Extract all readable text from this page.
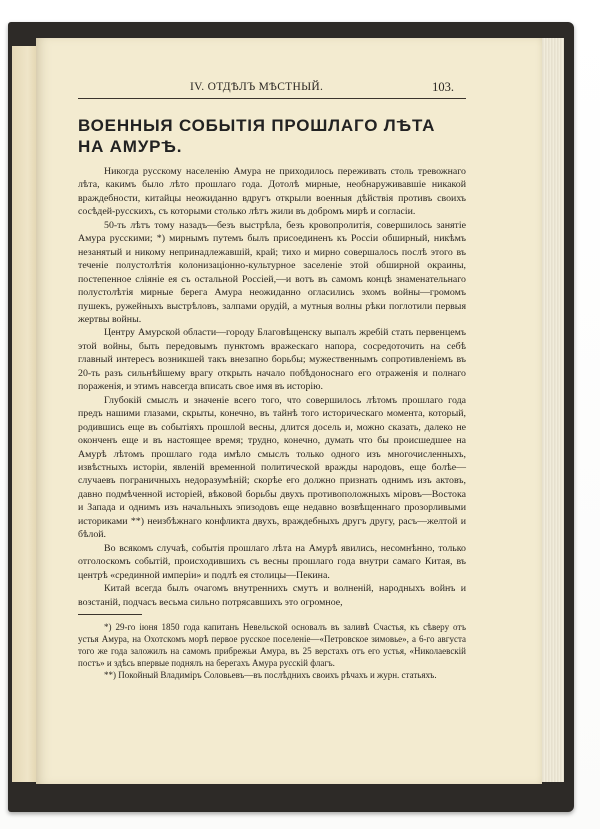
IV. ОТДѢЛЪ МѢСТНЫЙ.	103.
ВОЕННЫЯ СОБЫТІЯ ПРОШЛАГО ЛѢТА НА АМУРѢ.

Никогда русскому населенію Амура не приходилось переживать столь тревожнаго лѣта, какимъ было лѣто прошлаго года. Дотолѣ мирные, необнаруживавшіе никакой враждебности, китайцы неожиданно вдругъ открыли военныя дѣйствія противъ своихъ сосѣдей-русскихъ, съ которыми столько лѣтъ жили въ добромъ мирѣ и согласіи.

50-ть лѣтъ тому назадъ—безъ выстрѣла, безъ кровопролитія, совершилось занятіе Амура русскими; *) мирнымъ путемъ былъ присоединенъ къ Россіи обширный, никѣмъ незанятый и никому непринадлежавшій, край; тихо и мирно совершалось послѣ этого въ теченіе полустолѣтія колонизаціонно-культурное заселеніе этой обширной окраины, постепенное сліяніе ея съ остальной Россіей,—и вотъ въ самомъ концѣ знаменательнаго полустолѣтія мирные берега Амура неожиданно огласились эхомъ войны—громомъ пушекъ, ружейныхъ выстрѣловъ, залпами орудій, а мутныя волны рѣки поглотили первыя жертвы войны.

Центру Амурской области—городу Благовѣщенску выпалъ жребій стать первенцемъ этой войны, быть передовымъ пунктомъ вражескаго напора, сосредоточить на себѣ главный интересъ возникшей такъ внезапно борьбы; мужественнымъ сопротивленіемъ въ 20-ть разъ сильнѣйшему врагу открыть начало побѣдоноснаго его отраженія и полнаго пораженія, и этимъ навсегда вписать свое имя въ исторію.

Глубокій смыслъ и значеніе всего того, что совершилось лѣтомъ прошлаго года предъ нашими глазами, скрыты, конечно, въ тайнѣ того историческаго момента, который, родившись еще въ событіяхъ прошлой весны, длится досель и, можно сказать, далеко не оконченъ еще и въ настоящее время; трудно, конечно, думать что бы происшедшее на Амурѣ лѣтомъ прошлаго года имѣло смыслъ только одного изъ многочисленныхъ, извѣстныхъ исторіи, явленій временной политической вражды народовъ, еще болѣе—случаевъ пограничныхъ недоразумѣній; скорѣе его должно признать однимъ изъ актовъ, давно подмѣченной исторіей, вѣковой борьбы двухъ противоположныхъ міровъ—Востока и Запада и однимъ изъ начальныхъ эпизодовъ еще недавно возвѣщеннаго прозорливыми историками **) неизбѣжнаго конфликта двухъ, враждебныхъ другъ другу, расъ—желтой и бѣлой.

Во всякомъ случаѣ, событія прошлаго лѣта на Амурѣ явились, несомнѣнно, только отголоскомъ событій, происходившихъ съ весны прошлаго года внутри самаго Китая, въ центрѣ «срединной имперіи» и подлѣ ея столицы—Пекина.

Китай всегда былъ очагомъ внутреннихъ смутъ и волненій, народныхъ войнъ и возстаній, подчасъ весьма сильно потрясавшихъ это огромное,

*) 29-го іюня 1850 года капитанъ Невельской основалъ въ заливѣ Счастья, къ сѣверу отъ устья Амура, на Охотскомъ морѣ первое русское поселеніе—«Петровское зимовье», а 6-го августа того же года заложилъ на самомъ прибрежьи Амура, въ 25 верстахъ отъ его устья, «Николаевскій постъ» и здѣсь впервые поднялъ на берегахъ Амура русскій флагъ.

**) Покойный Владиміръ Соловьевъ—въ послѣднихъ своихъ рѣчахъ и журн. статьяхъ.
